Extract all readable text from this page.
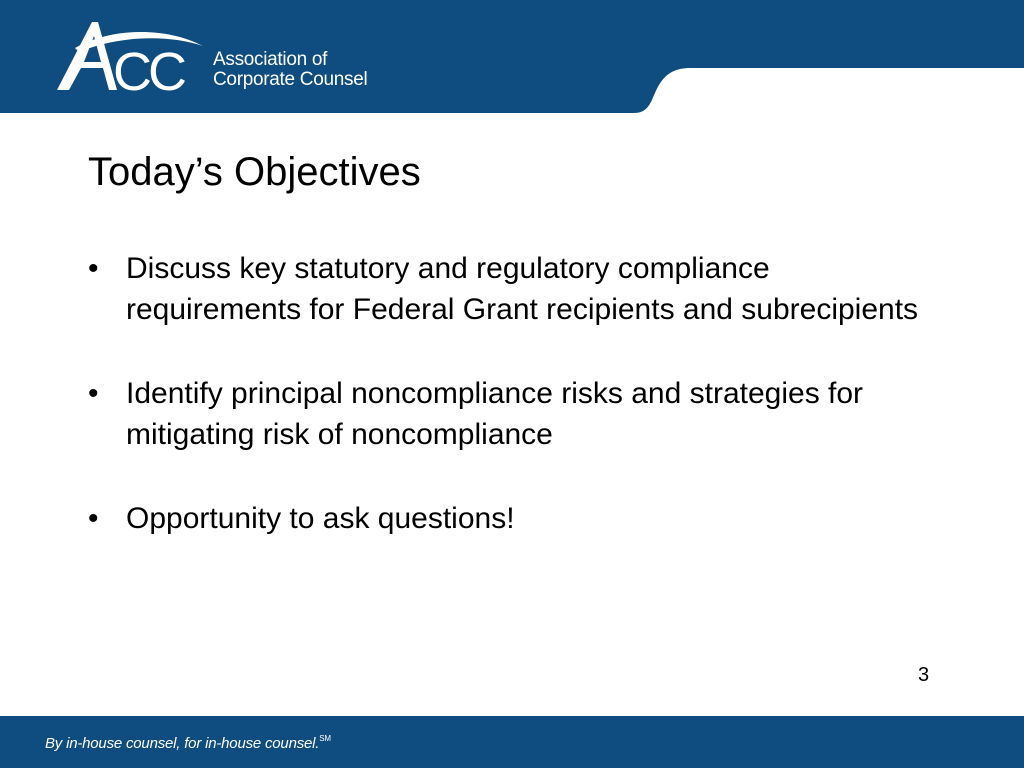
CC Association of
Corporate Counsel
Today’s Objectives
• Discuss key statutory and regulatory compliance requirements for Federal Grant recipients and subrecipients
• Identify principal noncompliance risks and strategies for mitigating risk of noncompliance
• Opportunity to ask questions!
3
By in-house counsel, for in-house counsel.℠
